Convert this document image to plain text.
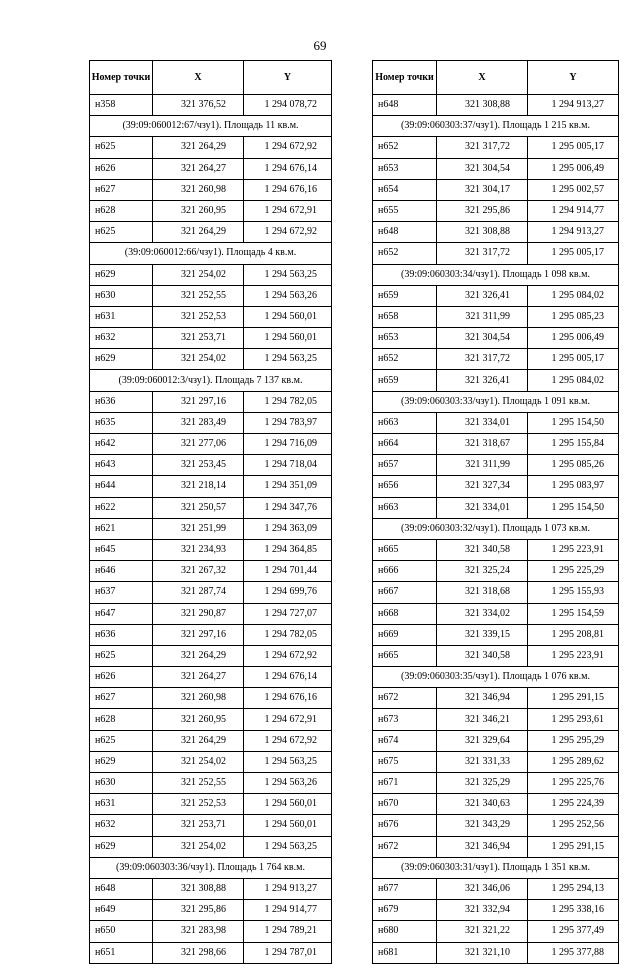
69
Номер точки	X	Y
н358	321 376,52	1 294 078,72
(39:09:060012:67/чзу1). Площадь 11 кв.м.		
н625	321 264,29	1 294 672,92
н626	321 264,27	1 294 676,14
н627	321 260,98	1 294 676,16
н628	321 260,95	1 294 672,91
н625	321 264,29	1 294 672,92
(39:09:060012:66/чзу1). Площадь 4 кв.м.		
н629	321 254,02	1 294 563,25
н630	321 252,55	1 294 563,26
н631	321 252,53	1 294 560,01
н632	321 253,71	1 294 560,01
н629	321 254,02	1 294 563,25
(39:09:060012:3/чзу1). Площадь 7 137 кв.м.		
н636	321 297,16	1 294 782,05
н635	321 283,49	1 294 783,97
н642	321 277,06	1 294 716,09
н643	321 253,45	1 294 718,04
н644	321 218,14	1 294 351,09
н622	321 250,57	1 294 347,76
н621	321 251,99	1 294 363,09
н645	321 234,93	1 294 364,85
н646	321 267,32	1 294 701,44
н637	321 287,74	1 294 699,76
н647	321 290,87	1 294 727,07
н636	321 297,16	1 294 782,05
н625	321 264,29	1 294 672,92
н626	321 264,27	1 294 676,14
н627	321 260,98	1 294 676,16
н628	321 260,95	1 294 672,91
н625	321 264,29	1 294 672,92
н629	321 254,02	1 294 563,25
н630	321 252,55	1 294 563,26
н631	321 252,53	1 294 560,01
н632	321 253,71	1 294 560,01
н629	321 254,02	1 294 563,25
(39:09:060303:36/чзу1). Площадь 1 764 кв.м.		
н648	321 308,88	1 294 913,27
н649	321 295,86	1 294 914,77
н650	321 283,98	1 294 789,21
н651	321 298,66	1 294 787,01
Номер точки	X	Y
н648	321 308,88	1 294 913,27
(39:09:060303:37/чзу1). Площадь 1 215 кв.м.		
н652	321 317,72	1 295 005,17
н653	321 304,54	1 295 006,49
н654	321 304,17	1 295 002,57
н655	321 295,86	1 294 914,77
н648	321 308,88	1 294 913,27
н652	321 317,72	1 295 005,17
(39:09:060303:34/чзу1). Площадь 1 098 кв.м.		
н659	321 326,41	1 295 084,02
н658	321 311,99	1 295 085,23
н653	321 304,54	1 295 006,49
н652	321 317,72	1 295 005,17
н659	321 326,41	1 295 084,02
(39:09:060303:33/чзу1). Площадь 1 091 кв.м.		
н663	321 334,01	1 295 154,50
н664	321 318,67	1 295 155,84
н657	321 311,99	1 295 085,26
н656	321 327,34	1 295 083,97
н663	321 334,01	1 295 154,50
(39:09:060303:32/чзу1). Площадь 1 073 кв.м.		
н665	321 340,58	1 295 223,91
н666	321 325,24	1 295 225,29
н667	321 318,68	1 295 155,93
н668	321 334,02	1 295 154,59
н669	321 339,15	1 295 208,81
н665	321 340,58	1 295 223,91
(39:09:060303:35/чзу1). Площадь 1 076 кв.м.		
н672	321 346,94	1 295 291,15
н673	321 346,21	1 295 293,61
н674	321 329,64	1 295 295,29
н675	321 331,33	1 295 289,62
н671	321 325,29	1 295 225,76
н670	321 340,63	1 295 224,39
н676	321 343,29	1 295 252,56
н672	321 346,94	1 295 291,15
(39:09:060303:31/чзу1). Площадь 1 351 кв.м.		
н677	321 346,06	1 295 294,13
н679	321 332,94	1 295 338,16
н680	321 321,22	1 295 377,49
н681	321 321,10	1 295 377,88
